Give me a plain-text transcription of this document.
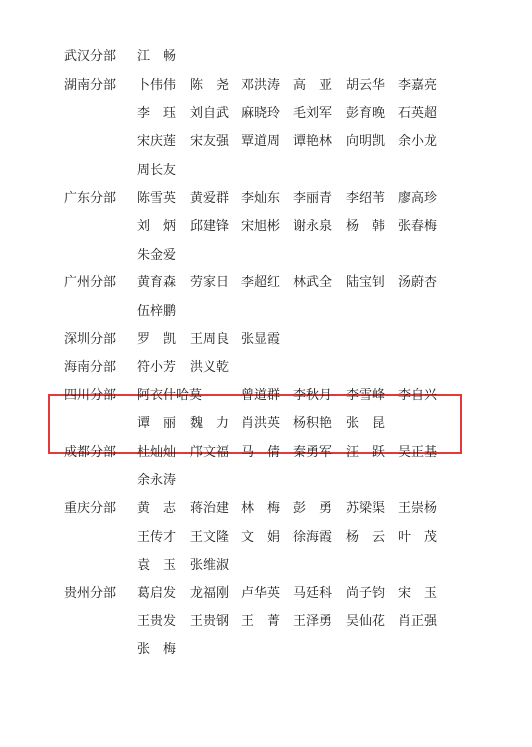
武汉分部 江　畅
湖南分部 卜伟伟 陈　尧 邓洪涛 高　亚 胡云华 李嘉亮
李　珏 刘自武 麻晓玲 毛刘军 彭育晚 石英超
宋庆莲 宋友强 覃道周 谭艳林 向明凯 余小龙
周长友
广东分部 陈雪英 黄爱群 李灿东 李丽青 李绍苇 廖高珍
刘　炳 邱建锋 宋旭彬 谢永泉 杨　韩 张春梅
朱金爱
广州分部 黄育森 劳家日 李超红 林武全 陆宝钊 汤蔚杏
伍梓鹏
深圳分部 罗　凯 王周良 张显霞
海南分部 符小芳 洪义乾
四川分部 阿衣什哈莫	曾道群 李秋月 李雪峰 李自兴
谭　丽 魏　力 肖洪英 杨积艳 张　昆
成都分部 杜灿灿 邝文福 马　倩 秦勇军 汪　跃 吴正基
余永涛
重庆分部 黄　志 蒋治建 林　梅 彭　勇 苏梁渠 王崇杨
王传才 王文隆 文　娟 徐海霞 杨　云 叶　茂
袁　玉 张维淑
贵州分部 葛启发 龙福刚 卢华英 马廷科 尚子钧 宋　玉
王贵发 王贵钢 王　菁 王泽勇 吴仙花 肖正强
张　梅
